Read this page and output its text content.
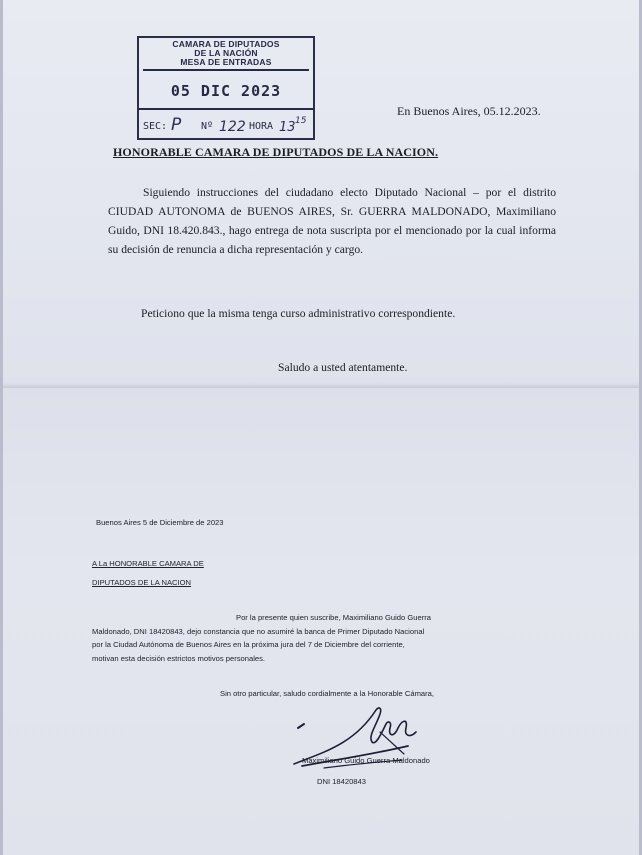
CAMARA DE DIPUTADOS
DE LA NACIÓN
MESA DE ENTRADAS
05 DIC 2023
SEC: P Nº 122 HORA 13 15
En Buenos Aires, 05.12.2023.
HONORABLE CAMARA DE DIPUTADOS DE LA NACION.

Siguiendo instrucciones del ciudadano electo Diputado Nacional – por el distrito CIUDAD AUTONOMA de BUENOS AIRES, Sr. GUERRA MALDONADO, Maximiliano Guido, DNI 18.420.843., hago entrega de nota suscripta por el mencionado por la cual informa su decisión de renuncia a dicha representación y cargo.

Peticiono que la misma tenga curso administrativo correspondiente.
Saludo a usted atentamente.
Buenos Aires 5 de Diciembre de 2023
A La HONORABLE CAMARA DE
DIPUTADOS DE LA NACION
Por la presente quien suscribe, Maximiliano Guido Guerra
Maldonado, DNI 18420843, dejo constancia que no asumiré la banca de Primer Diputado Nacional
por la Ciudad Autónoma de Buenos Aires en la próxima jura del 7 de Diciembre del corriente,
motivan esta decisión estrictos motivos personales.
Sin otro particular, saludo cordialmente a la Honorable Cámara,
Maximiliano Guido Guerra Maldonado
DNI 18420843
